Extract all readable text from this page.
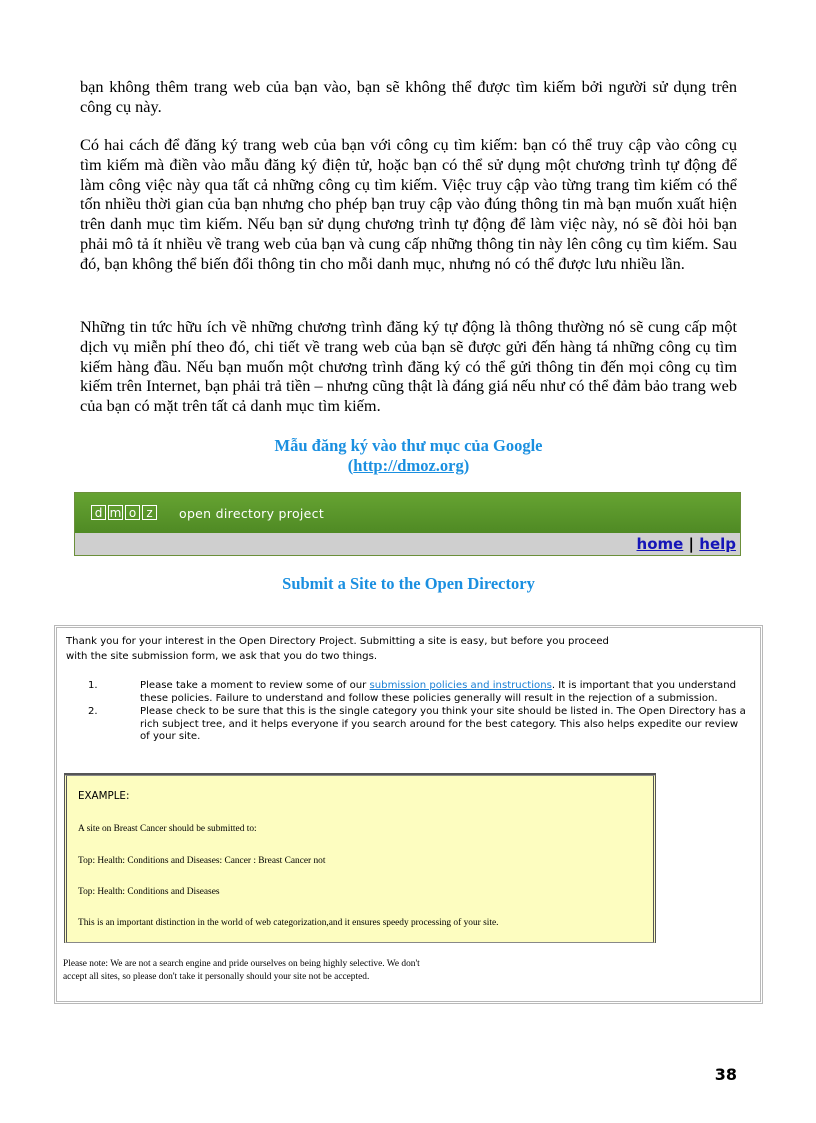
bạn không thêm trang web của bạn vào, bạn sẽ không thể được tìm kiếm bởi người sử dụng trên công cụ này.

Có hai cách để đăng ký trang web của bạn với công cụ tìm kiếm: bạn có thể truy cập vào công cụ tìm kiếm mà điền vào mẫu đăng ký điện tử, hoặc bạn có thể sử dụng một chương trình tự động để làm công việc này qua tất cả những công cụ tìm kiếm. Việc truy cập vào từng trang tìm kiếm có thể tốn nhiều thời gian của bạn nhưng cho phép bạn truy cập vào đúng thông tin mà bạn muốn xuất hiện trên danh mục tìm kiếm. Nếu bạn sử dụng chương trình tự động để làm việc này, nó sẽ đòi hỏi bạn phải mô tả ít nhiều về trang web của bạn và cung cấp những thông tin này lên công cụ tìm kiếm. Sau đó, bạn không thể biến đổi thông tin cho mỗi danh mục, nhưng nó có thể được lưu nhiều lần.

Những tin tức hữu ích về những chương trình đăng ký tự động là thông thường nó sẽ cung cấp một dịch vụ miễn phí theo đó, chi tiết về trang web của bạn sẽ được gửi đến hàng tá những công cụ tìm kiếm hàng đầu. Nếu bạn muốn một chương trình đăng ký có thể gửi thông tin đến mọi công cụ tìm kiếm trên Internet, bạn phải trả tiền – nhưng cũng thật là đáng giá nếu như có thể đảm bảo trang web của bạn có mặt trên tất cả danh mục tìm kiếm.

Mẫu đăng ký vào thư mục của Google
(http://dmoz.org)
d m o z	open directory project
home | help
Submit a Site to the Open Directory

Thank you for your interest in the Open Directory Project. Submitting a site is easy, but before you proceed with the site submission form, we ask that you do two things.

1.	Please take a moment to review some of our submission policies and instructions. It is important that you understand these policies. Failure to understand and follow these policies generally will result in the rejection of a submission.
2.	Please check to be sure that this is the single category you think your site should be listed in. The Open Directory has a rich subject tree, and it helps everyone if you search around for the best category. This also helps expedite our review of your site.
EXAMPLE:
A site on Breast Cancer should be submitted to:
Top: Health: Conditions and Diseases: Cancer : Breast Cancer not
Top: Health: Conditions and Diseases
This is an important distinction in the world of web categorization,and it ensures speedy processing of your site.

Please note: We are not a search engine and pride ourselves on being highly selective. We don't
accept all sites, so please don't take it personally should your site not be accepted.

38
